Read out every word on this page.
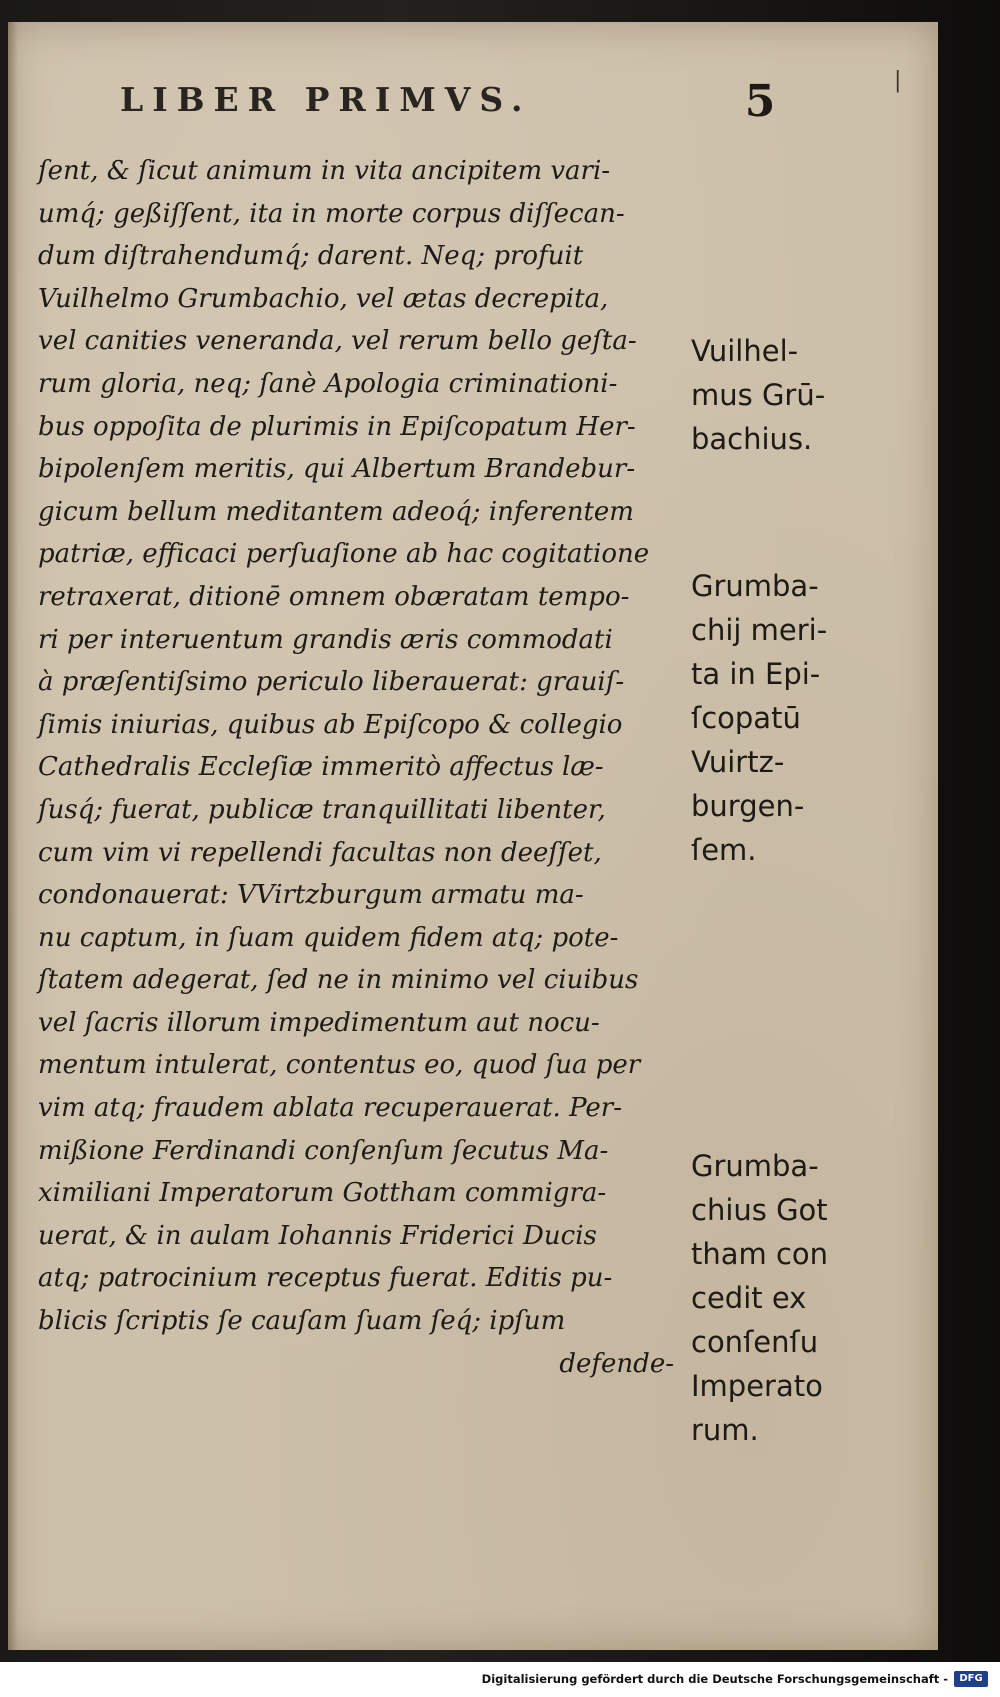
LIBER PRIMVS.	5	|
ſent, & ſicut animum in vita ancipitem vari-
umq́; geßiſſent, ita in morte corpus diſſecan-
dum diſtrahendumq́; darent. Neq; profuit
Vuilhelmo Grumbachio, vel ætas decrepita,
vel canities veneranda, vel rerum bello geſta-
rum gloria, neq; ſanè Apologia criminationi-
bus oppoſita de plurimis in Epiſcopatum Her-
bipolenſem meritis, qui Albertum Brandebur-
gicum bellum meditantem adeoq́; inferentem
patriæ, efficaci perſuaſione ab hac cogitatione
retraxerat, ditionē omnem obæratam tempo-
ri per interuentum grandis æris commodati
à præſentiſsimo periculo liberauerat: grauiſ-
ſimis iniurias, quibus ab Epiſcopo & collegio
Cathedralis Eccleſiæ immeritò affectus læ-
ſusq́; fuerat, publicæ tranquillitati libenter,
cum vim vi repellendi facultas non deeſſet,
condonauerat: VVirtzburgum armatu ma-
nu captum, in ſuam quidem fidem atq; pote-
ſtatem adegerat, ſed ne in minimo vel ciuibus
vel ſacris illorum impedimentum aut nocu-
mentum intulerat, contentus eo, quod ſua per
vim atq; fraudem ablata recuperauerat. Per-
mißione Ferdinandi conſenſum ſecutus Ma-
ximiliani Imperatorum Gottham commigra-
uerat, & in aulam Iohannis Friderici Ducis
atq; patrocinium receptus fuerat. Editis pu-
blicis ſcriptis ſe cauſam ſuam ſeq́; ipſum
defende-
Vuilhel-
mus Grū-
bachius.
Grumba-
chij meri-
ta in Epi-
ſcopatū
Vuirtz-
burgen-
ſem.
Grumba-
chius Got
tham con
cedit ex
conſenſu
Imperato
rum.
Digitalisierung gefördert durch die Deutsche Forschungsgemeinschaft -	DFG
